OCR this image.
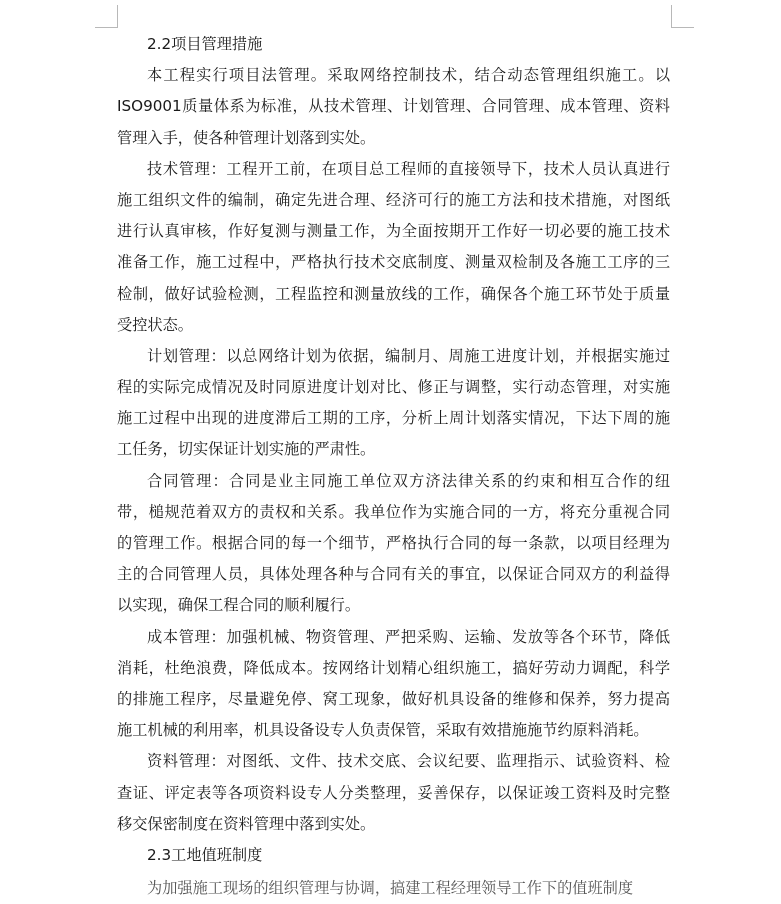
2.2项目管理措施
本工程实行项目法管理。采取网络控制技术，结合动态管理组织施工。以
ISO9001质量体系为标准，从技术管理、计划管理、合同管理、成本管理、资料
管理入手，使各种管理计划落到实处。
技术管理：工程开工前，在项目总工程师的直接领导下，技术人员认真进行
施工组织文件的编制，确定先进合理、经济可行的施工方法和技术措施，对图纸
进行认真审核，作好复测与测量工作，为全面按期开工作好一切必要的施工技术
准备工作，施工过程中，严格执行技术交底制度、测量双检制及各施工工序的三
检制，做好试验检测，工程监控和测量放线的工作，确保各个施工环节处于质量
受控状态。
计划管理：以总网络计划为依据，编制月、周施工进度计划，并根据实施过
程的实际完成情况及时同原进度计划对比、修正与调整，实行动态管理，对实施
施工过程中出现的进度滞后工期的工序，分析上周计划落实情况，下达下周的施
工任务，切实保证计划实施的严肃性。
合同管理：合同是业主同施工单位双方济法律关系的约束和相互合作的纽
带，槌规范着双方的责权和关系。我单位作为实施合同的一方，将充分重视合同
的管理工作。根据合同的每一个细节，严格执行合同的每一条款，以项目经理为
主的合同管理人员，具体处理各种与合同有关的事宜，以保证合同双方的利益得
以实现，确保工程合同的顺利履行。
成本管理：加强机械、物资管理、严把采购、运输、发放等各个环节，降低
消耗，杜绝浪费，降低成本。按网络计划精心组织施工，搞好劳动力调配，科学
的排施工程序，尽量避免停、窝工现象，做好机具设备的维修和保养，努力提高
施工机械的利用率，机具设备设专人负责保管，采取有效措施施节约原料消耗。
资料管理：对图纸、文件、技术交底、会议纪要、监理指示、试验资料、检
查证、评定表等各项资料设专人分类整理，妥善保存，以保证竣工资料及时完整
移交保密制度在资料管理中落到实处。
2.3工地值班制度
为加强施工现场的组织管理与协调，搞建工程经理领导工作下的值班制度
